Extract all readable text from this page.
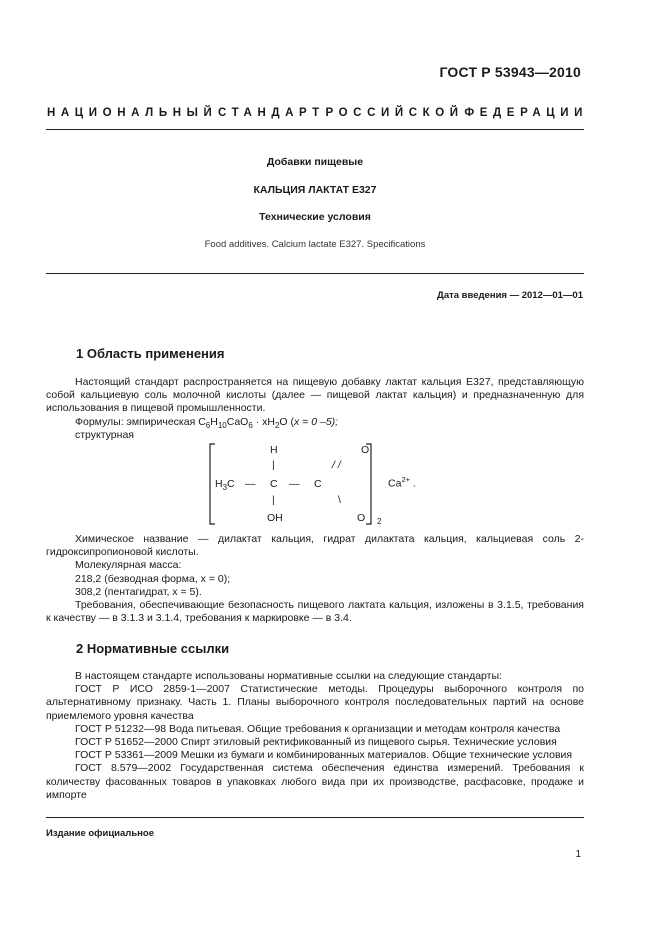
ГОСТ Р 53943—2010
НАЦИОНАЛЬНЫЙ СТАНДАРТ РОССИЙСКОЙ ФЕДЕРАЦИИ
Добавки пищевые
КАЛЬЦИЯ ЛАКТАТ Е327
Технические условия
Food additives. Calcium lactate E327. Specifications
Дата введения — 2012—01—01
1 Область применения

Настоящий стандарт распространяется на пищевую добавку лактат кальция Е327, представляющую собой кальциевую соль молочной кислоты (далее — пищевой лактат кальция) и предназначенную для использования в пищевой промышленности.

Формулы: эмпирическая $C_6H_{10}CaO_6 \cdot xH_2O$ (x = 0 –5);
структурная
H	O
|	/ /
$H_3C$ — C — C	$Ca^{2+}$ .
|	\
OH	O 2

Химическое название — дилактат кальция, гидрат дилактата кальция, кальциевая соль 2-гидроксипропионовой кислоты.

Молекулярная масса:

218,2 (безводная форма, x = 0);

308,2 (пентагидрат, x = 5).

Требования, обеспечивающие безопасность пищевого лактата кальция, изложены в 3.1.5, требования к качеству — в 3.1.3 и 3.1.4, требования к маркировке — в 3.4.

2 Нормативные ссылки

В настоящем стандарте использованы нормативные ссылки на следующие стандарты:

ГОСТ Р ИСО 2859-1—2007 Статистические методы. Процедуры выборочного контроля по альтернативному признаку. Часть 1. Планы выборочного контроля последовательных партий на основе приемлемого уровня качества

ГОСТ Р 51232—98 Вода питьевая. Общие требования к организации и методам контроля качества

ГОСТ Р 51652—2000 Спирт этиловый ректификованный из пищевого сырья. Технические условия

ГОСТ Р 53361—2009 Мешки из бумаги и комбинированных материалов. Общие технические условия

ГОСТ 8.579—2002 Государственная система обеспечения единства измерений. Требования к количеству фасованных товаров в упаковках любого вида при их производстве, расфасовке, продаже и импорте

Издание официальное
1
